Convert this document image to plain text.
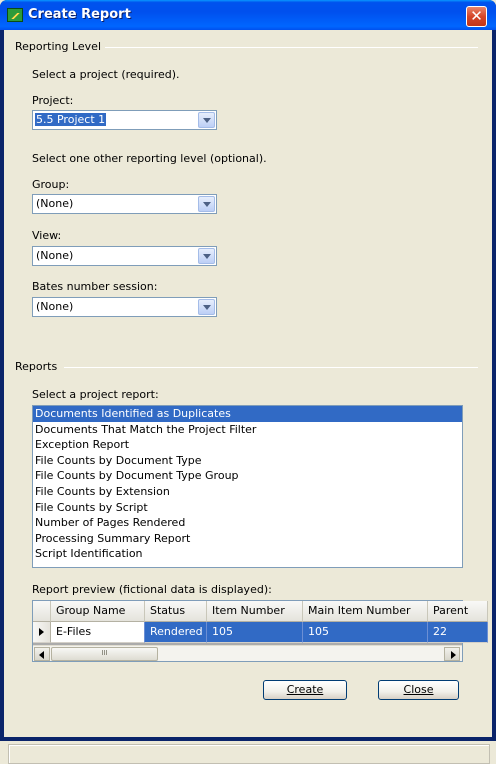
Create Report	✕
Reporting Level
Select a project (required).
Project:
5.5 Project 1
Select one other reporting level (optional).
Group:
(None)
View:
(None)
Bates number session:
(None)
Reports
Select a project report:
Documents Identified as Duplicates
Documents That Match the Project Filter
Exception Report
File Counts by Document Type
File Counts by Document Type Group
File Counts by Extension
File Counts by Script
Number of Pages Rendered
Processing Summary Report
Script Identification
Report preview (fictional data is displayed):
Group Name	Status	Item Number	Main Item Number	Parent
E-Files	Rendered 105	105	22
III
Create	Close
